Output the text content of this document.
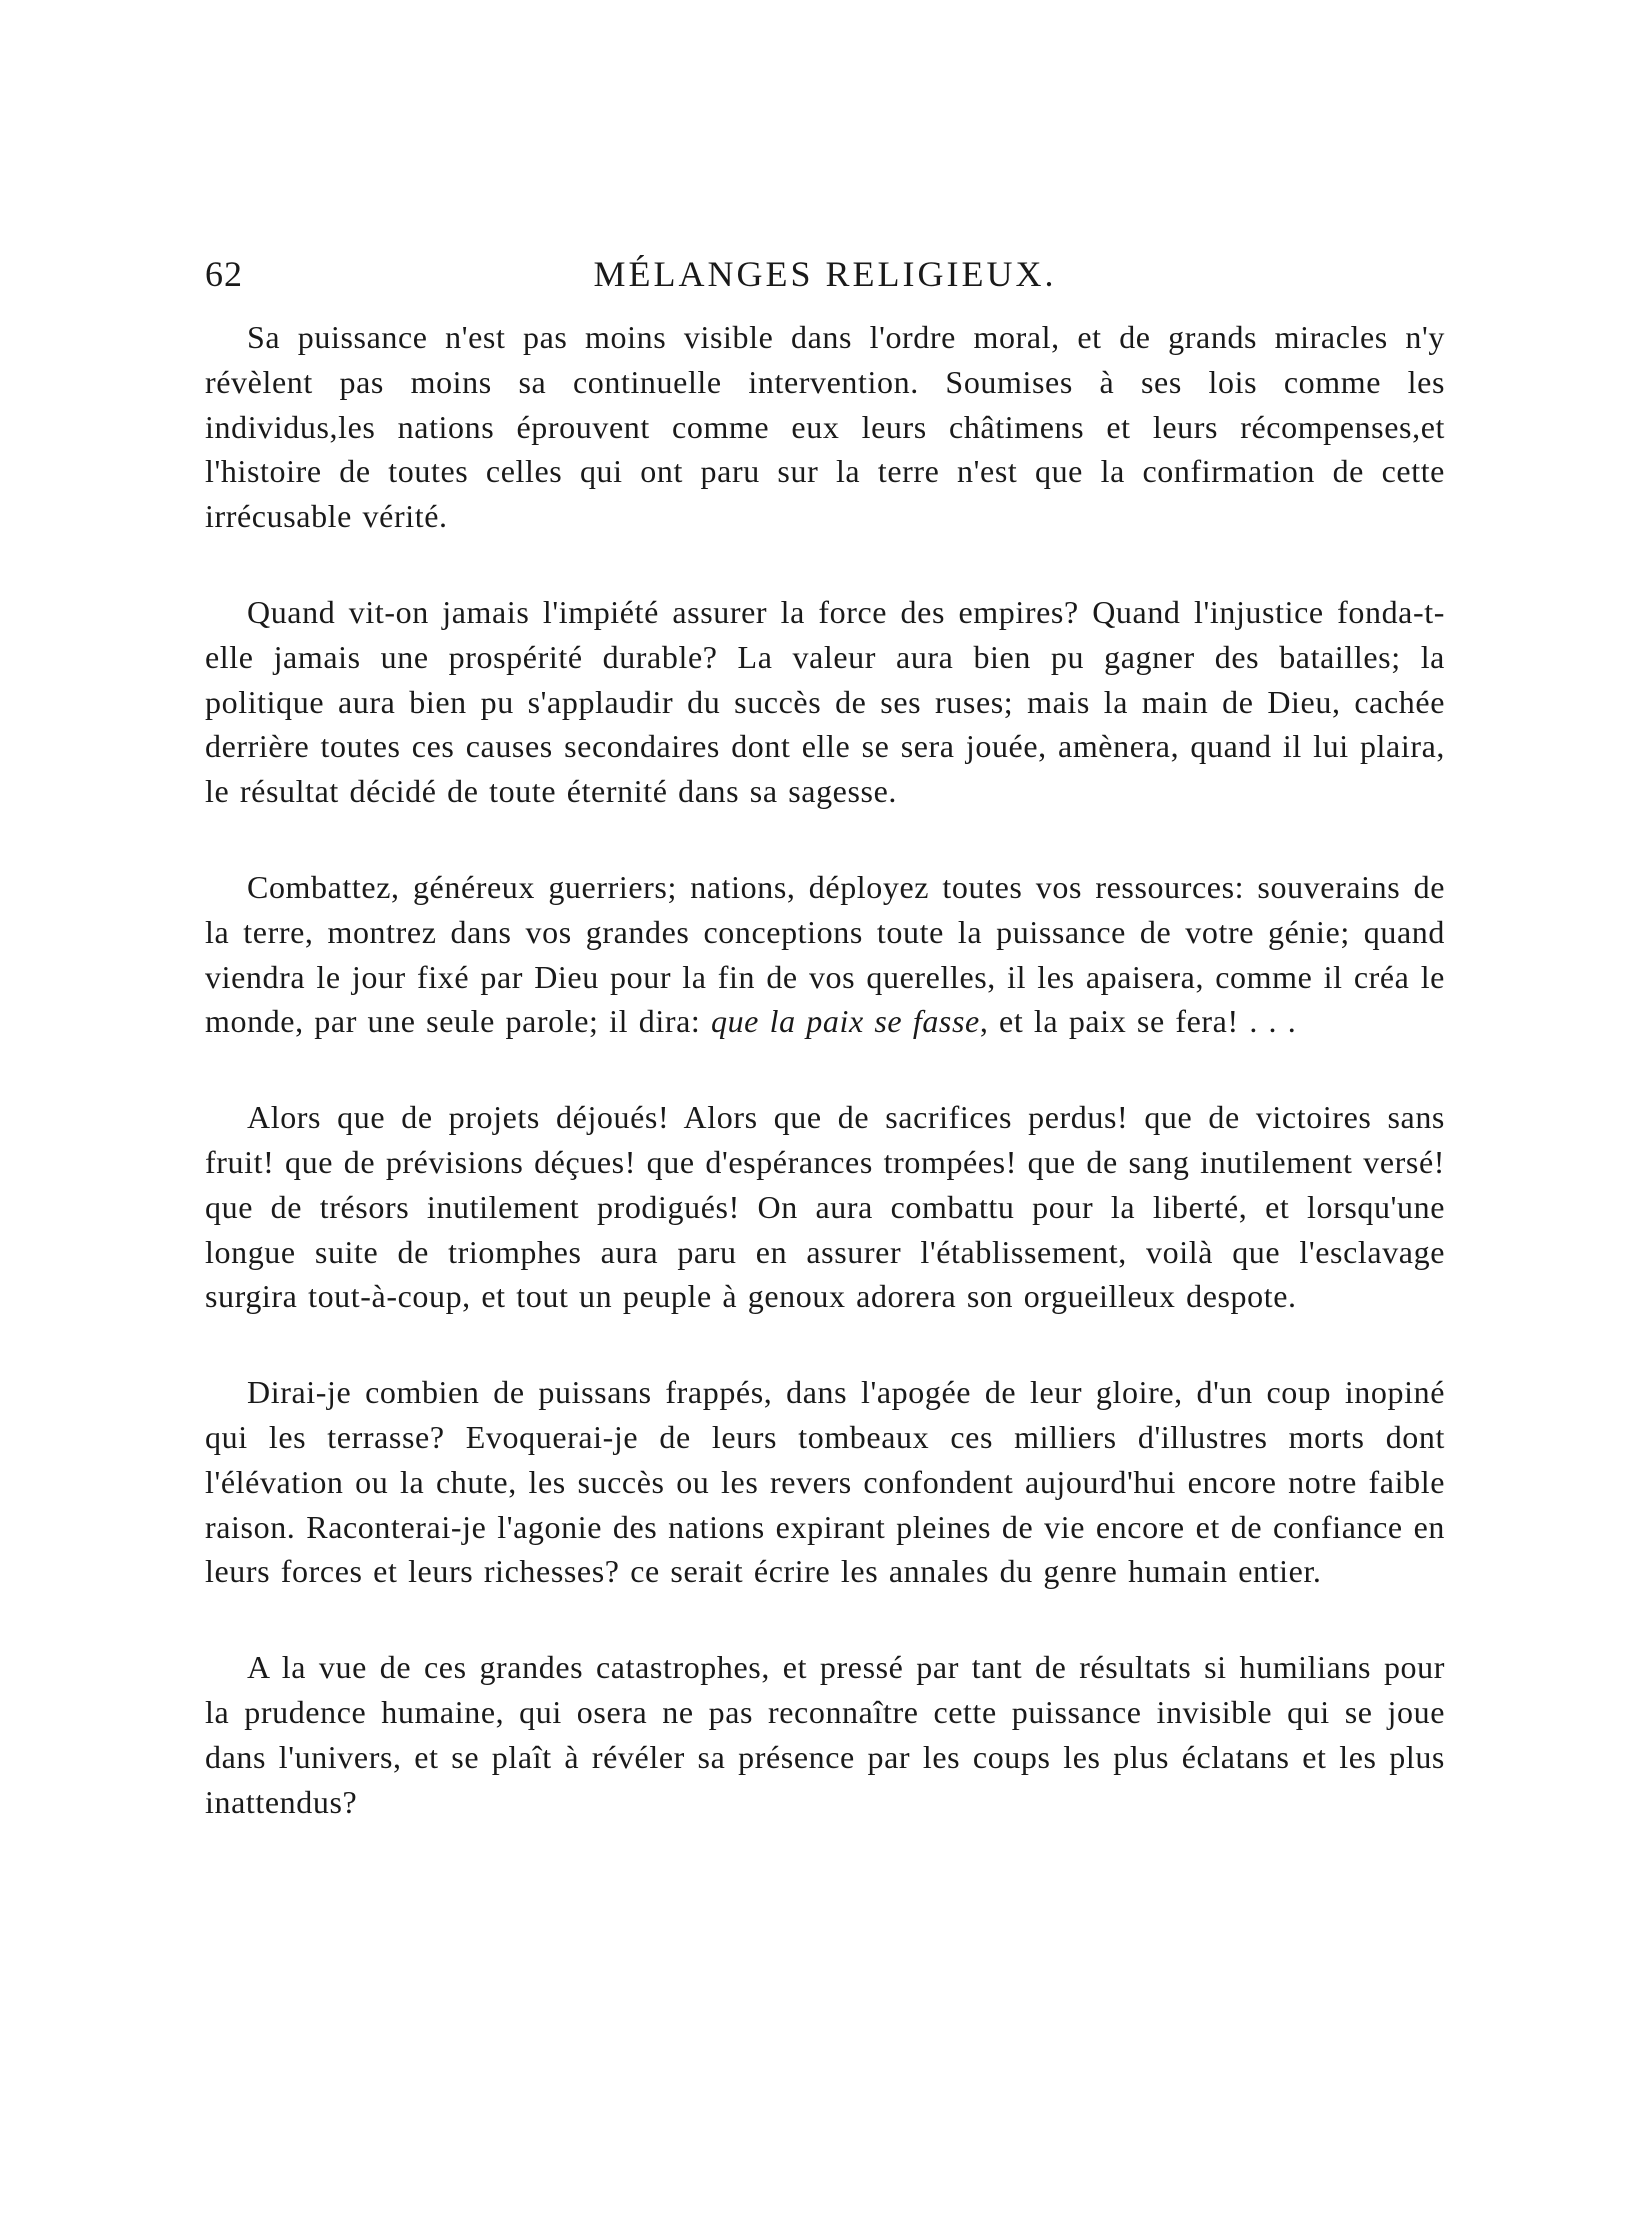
62	MÉLANGES RELIGIEUX.

Sa puissance n'est pas moins visible dans l'ordre moral, et de grands miracles n'y révèlent pas moins sa continuelle intervention. Soumises à ses lois comme les individus,les nations éprouvent comme eux leurs châtimens et leurs récompenses,et l'histoire de toutes celles qui ont paru sur la terre n'est que la confirmation de cette irrécusable vérité.

Quand vit-on jamais l'impiété assurer la force des empires? Quand l'injustice fonda-t-elle jamais une prospérité durable? La valeur aura bien pu gagner des batailles; la politique aura bien pu s'applaudir du succès de ses ruses; mais la main de Dieu, cachée derrière toutes ces causes secondaires dont elle se sera jouée, amènera, quand il lui plaira, le résultat décidé de toute éternité dans sa sagesse.

Combattez, généreux guerriers; nations, déployez toutes vos ressources: souverains de la terre, montrez dans vos grandes conceptions toute la puissance de votre génie; quand viendra le jour fixé par Dieu pour la fin de vos querelles, il les apaisera, comme il créa le monde, par une seule parole; il dira: que la paix se fasse, et la paix se fera! . . .

Alors que de projets déjoués! Alors que de sacrifices perdus! que de victoires sans fruit! que de prévisions déçues! que d'espérances trompées! que de sang inutilement versé! que de trésors inutilement prodigués! On aura combattu pour la liberté, et lorsqu'une longue suite de triomphes aura paru en assurer l'établissement, voilà que l'esclavage surgira tout-à-coup, et tout un peuple à genoux adorera son orgueilleux despote.

Dirai-je combien de puissans frappés, dans l'apogée de leur gloire, d'un coup inopiné qui les terrasse? Evoquerai-je de leurs tombeaux ces milliers d'illustres morts dont l'élévation ou la chute, les succès ou les revers confondent aujourd'hui encore notre faible raison. Raconterai-je l'agonie des nations expirant pleines de vie encore et de confiance en leurs forces et leurs richesses? ce serait écrire les annales du genre humain entier.

A la vue de ces grandes catastrophes, et pressé par tant de résultats si humilians pour la prudence humaine, qui osera ne pas reconnaître cette puissance invisible qui se joue dans l'univers, et se plaît à révéler sa présence par les coups les plus éclatans et les plus inattendus?
